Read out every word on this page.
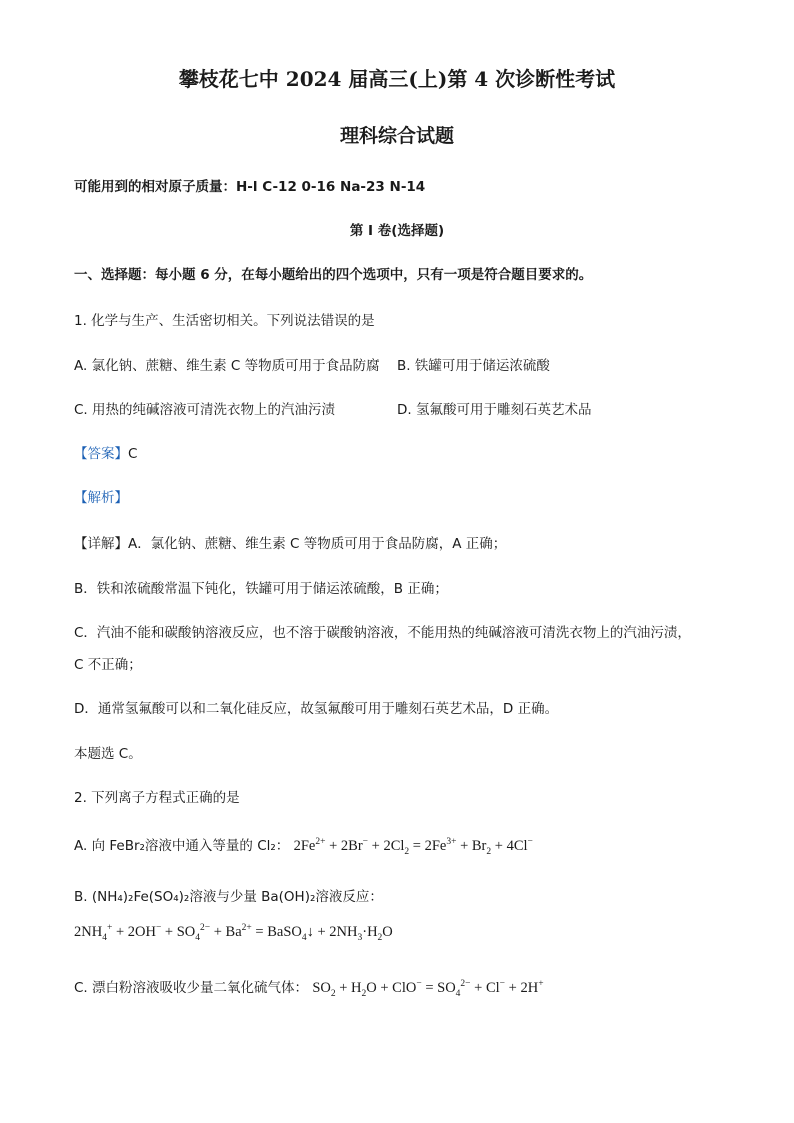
攀枝花七中 2024 届高三(上)第 4 次诊断性考试
理科综合试题
可能用到的相对原子质量：H-l C-12 0-16 Na-23 N-14
第 I 卷(选择题)
一、选择题：每小题 6 分，在每小题给出的四个选项中，只有一项是符合题目要求的。
1. 化学与生产、生活密切相关。下列说法错误的是
A. 氯化钠、蔗糖、维生素 C 等物质可用于食品防腐 B. 铁罐可用于储运浓硫酸
C. 用热的纯碱溶液可清洗衣物上的汽油污渍	D. 氢氟酸可用于雕刻石英艺术品
【答案】C
【解析】
【详解】A．氯化钠、蔗糖、维生素 C 等物质可用于食品防腐，A 正确；
B．铁和浓硫酸常温下钝化，铁罐可用于储运浓硫酸，B 正确；
C．汽油不能和碳酸钠溶液反应，也不溶于碳酸钠溶液，不能用热的纯碱溶液可清洗衣物上的汽油污渍，
C 不正确；
D．通常氢氟酸可以和二氧化硅反应，故氢氟酸可用于雕刻石英艺术品，D 正确。
本题选 C。
2. 下列离子方程式正确的是
A. 向 FeBr₂溶液中通入等量的 Cl₂： $2Fe^{2+} + 2Br^- + 2Cl_2 = 2Fe^{3+} + Br_2 + 4Cl^-$
B. (NH₄)₂Fe(SO₄)₂溶液与少量 Ba(OH)₂溶液反应：
$2NH_4^+ + 2OH^- + SO_4^{2-} + Ba^{2+}$ = BaSO$_4$↓ + $2NH_3\cdot H_2O$
C. 漂白粉溶液吸收少量二氧化硫气体： $SO_2 + H_2O + ClO^- = SO_4^{2-} + Cl^- + 2H^+$
